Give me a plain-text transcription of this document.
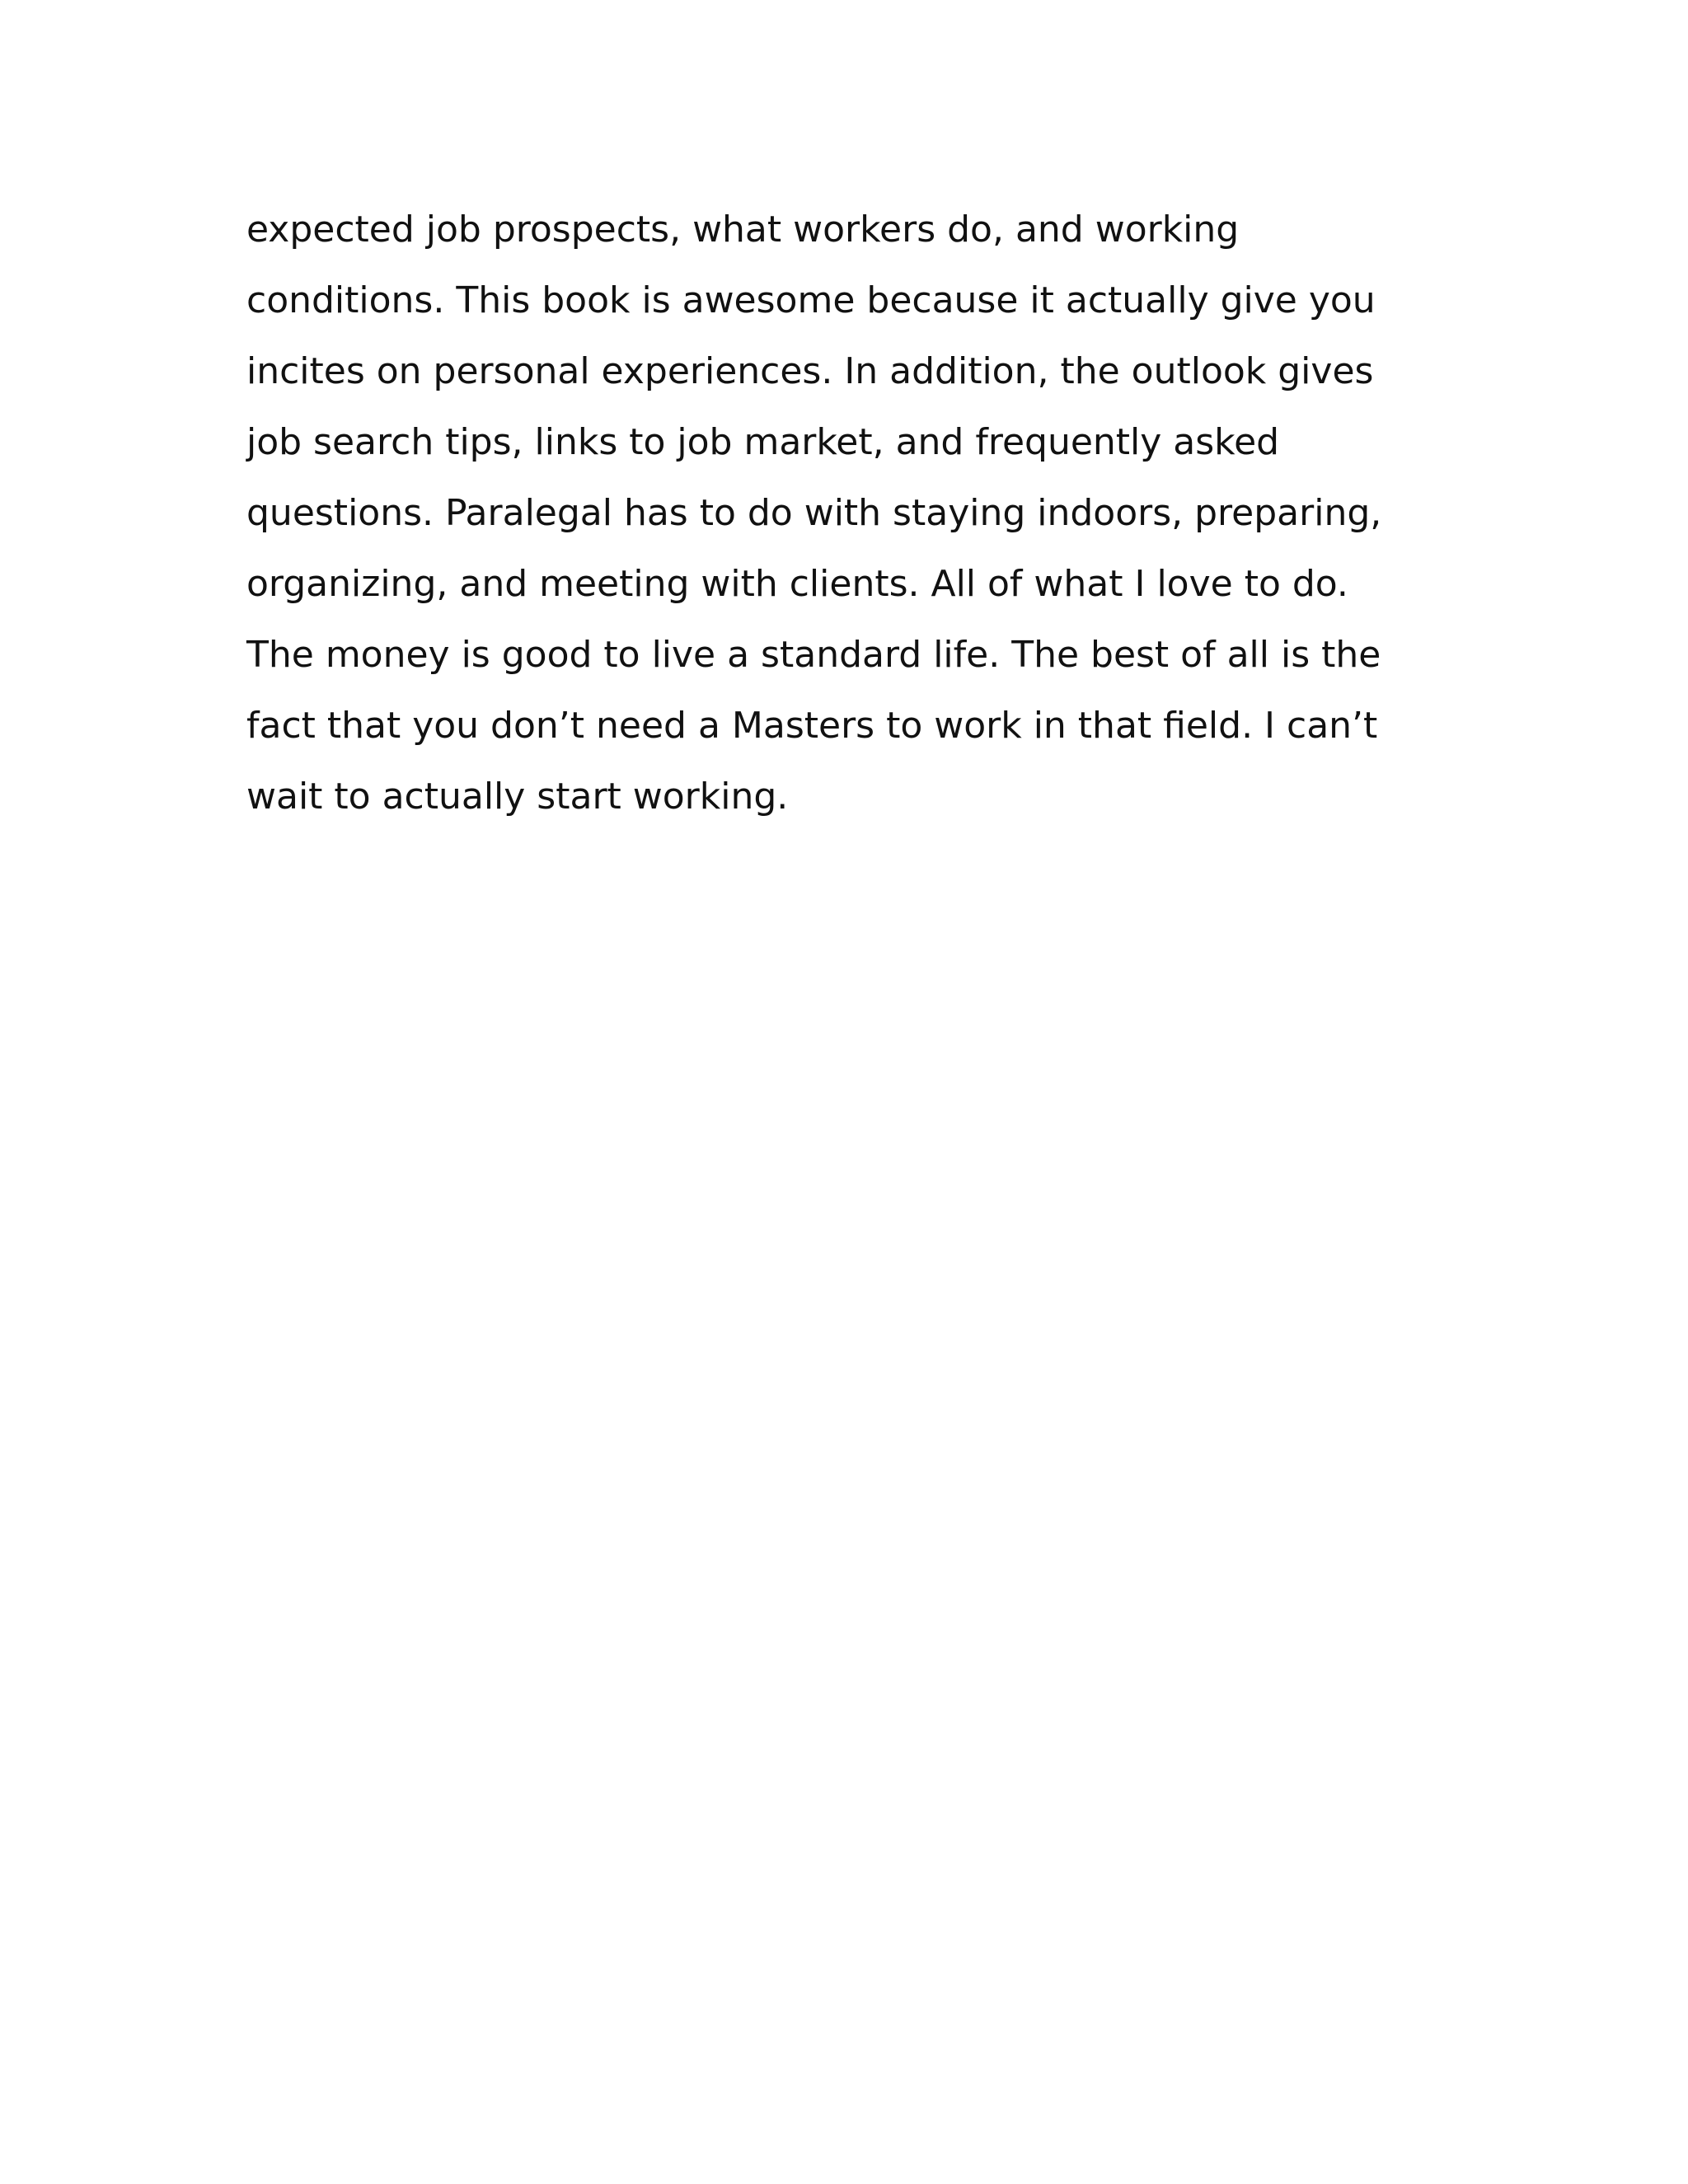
expected job prospects, what workers do, and working
conditions. This book is awesome because it actually give you
incites on personal experiences. In addition, the outlook gives
job search tips, links to job market, and frequently asked
questions. Paralegal has to do with staying indoors, preparing,
organizing, and meeting with clients. All of what I love to do.
The money is good to live a standard life. The best of all is the
fact that you don’t need a Masters to work in that field. I can’t
wait to actually start working.
